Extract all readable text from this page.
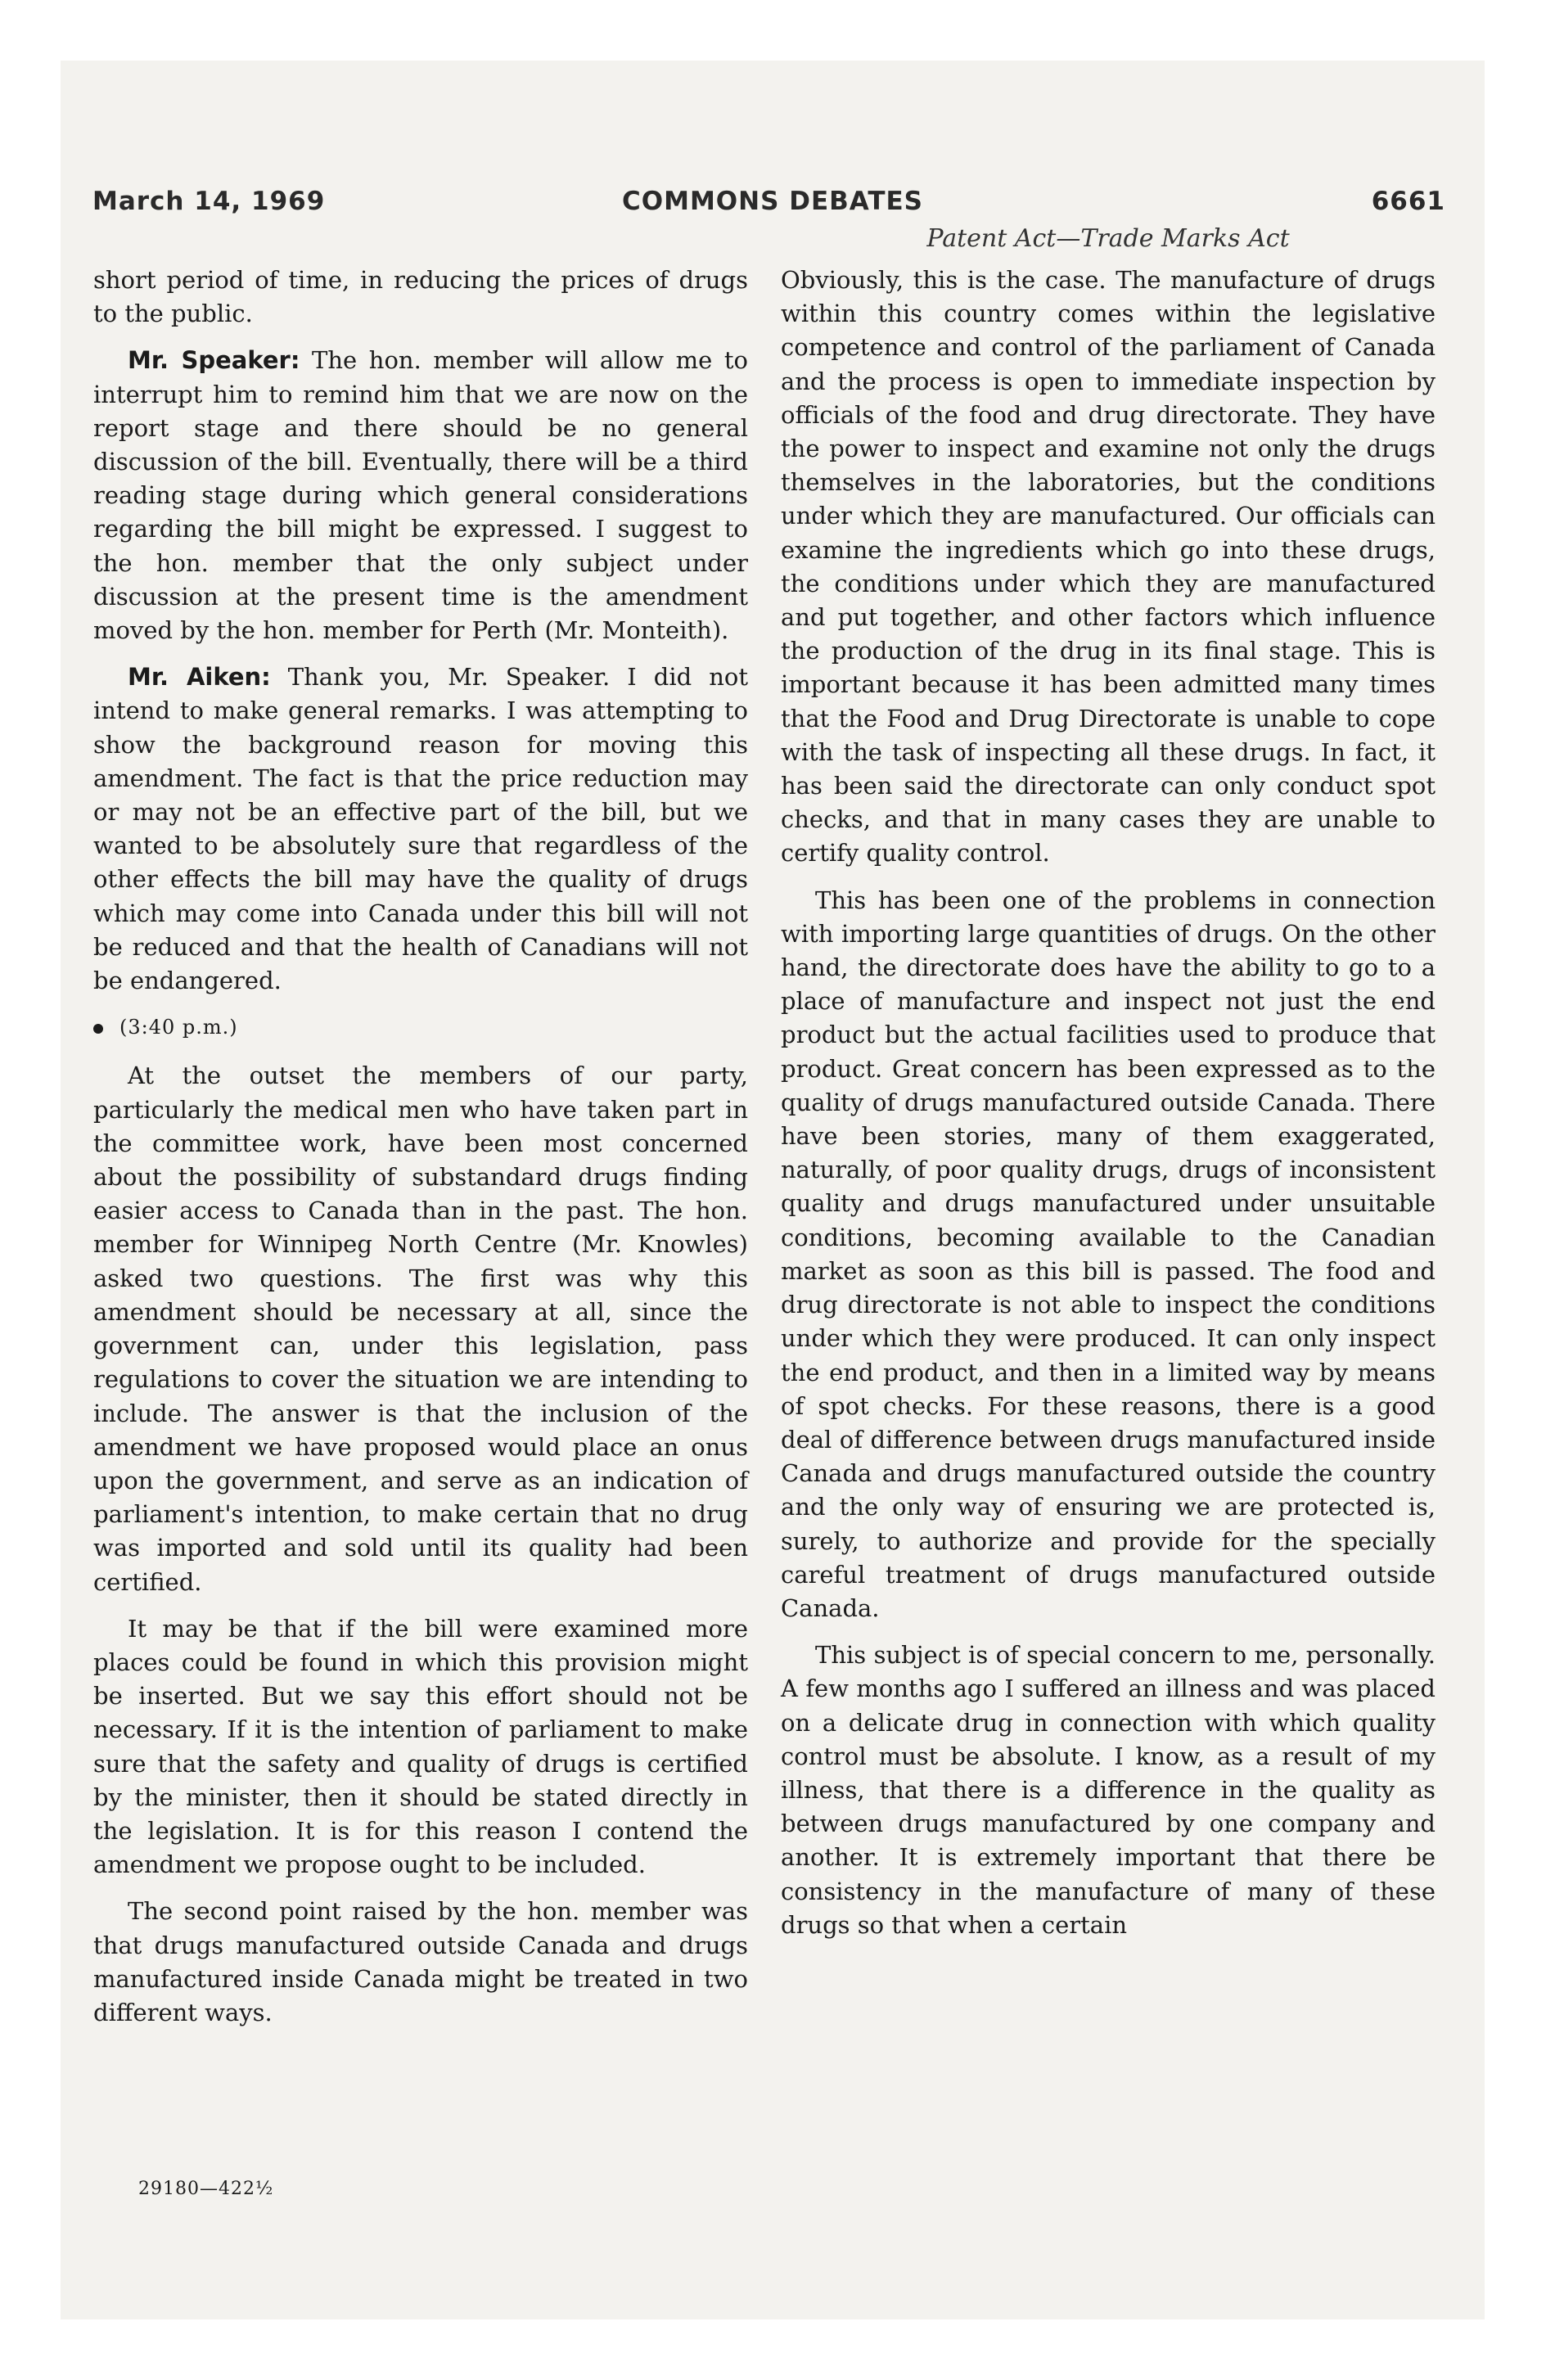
March 14, 1969	COMMONS DEBATES	6661
Patent Act—Trade Marks Act

short period of time, in reducing the prices of drugs to the public.

Mr. Speaker: The hon. member will allow me to interrupt him to remind him that we are now on the report stage and there should be no general discussion of the bill. Eventually, there will be a third reading stage during which general considerations regarding the bill might be expressed. I suggest to the hon. member that the only subject under discussion at the present time is the amendment moved by the hon. member for Perth (Mr. Monteith).

Mr. Aiken: Thank you, Mr. Speaker. I did not intend to make general remarks. I was attempting to show the background reason for moving this amendment. The fact is that the price reduction may or may not be an effective part of the bill, but we wanted to be absolutely sure that regardless of the other effects the bill may have the quality of drugs which may come into Canada under this bill will not be reduced and that the health of Canadians will not be endangered.

(3:40 p.m.)

At the outset the members of our party, particularly the medical men who have taken part in the committee work, have been most concerned about the possibility of substandard drugs finding easier access to Canada than in the past. The hon. member for Winnipeg North Centre (Mr. Knowles) asked two questions. The first was why this amendment should be necessary at all, since the government can, under this legislation, pass regulations to cover the situation we are intending to include. The answer is that the inclusion of the amendment we have proposed would place an onus upon the government, and serve as an indication of parliament's intention, to make certain that no drug was imported and sold until its quality had been certified.

It may be that if the bill were examined more places could be found in which this provision might be inserted. But we say this effort should not be necessary. If it is the intention of parliament to make sure that the safety and quality of drugs is certified by the minister, then it should be stated directly in the legislation. It is for this reason I contend the amendment we propose ought to be included.

The second point raised by the hon. member was that drugs manufactured outside Canada and drugs manufactured inside Canada might be treated in two different ways.

Obviously, this is the case. The manufacture of drugs within this country comes within the legislative competence and control of the parliament of Canada and the process is open to immediate inspection by officials of the food and drug directorate. They have the power to inspect and examine not only the drugs themselves in the laboratories, but the conditions under which they are manufactured. Our officials can examine the ingredients which go into these drugs, the conditions under which they are manufactured and put together, and other factors which influence the production of the drug in its final stage. This is important because it has been admitted many times that the Food and Drug Directorate is unable to cope with the task of inspecting all these drugs. In fact, it has been said the directorate can only conduct spot checks, and that in many cases they are unable to certify quality control.

This has been one of the problems in connection with importing large quantities of drugs. On the other hand, the directorate does have the ability to go to a place of manufacture and inspect not just the end product but the actual facilities used to produce that product. Great concern has been expressed as to the quality of drugs manufactured outside Canada. There have been stories, many of them exaggerated, naturally, of poor quality drugs, drugs of inconsistent quality and drugs manufactured under unsuitable conditions, becoming available to the Canadian market as soon as this bill is passed. The food and drug directorate is not able to inspect the conditions under which they were produced. It can only inspect the end product, and then in a limited way by means of spot checks. For these reasons, there is a good deal of difference between drugs manufactured inside Canada and drugs manufactured outside the country and the only way of ensuring we are protected is, surely, to authorize and provide for the specially careful treatment of drugs manufactured outside Canada.

This subject is of special concern to me, personally. A few months ago I suffered an illness and was placed on a delicate drug in connection with which quality control must be absolute. I know, as a result of my illness, that there is a difference in the quality as between drugs manufactured by one company and another. It is extremely important that there be consistency in the manufacture of many of these drugs so that when a certain

29180—422½
